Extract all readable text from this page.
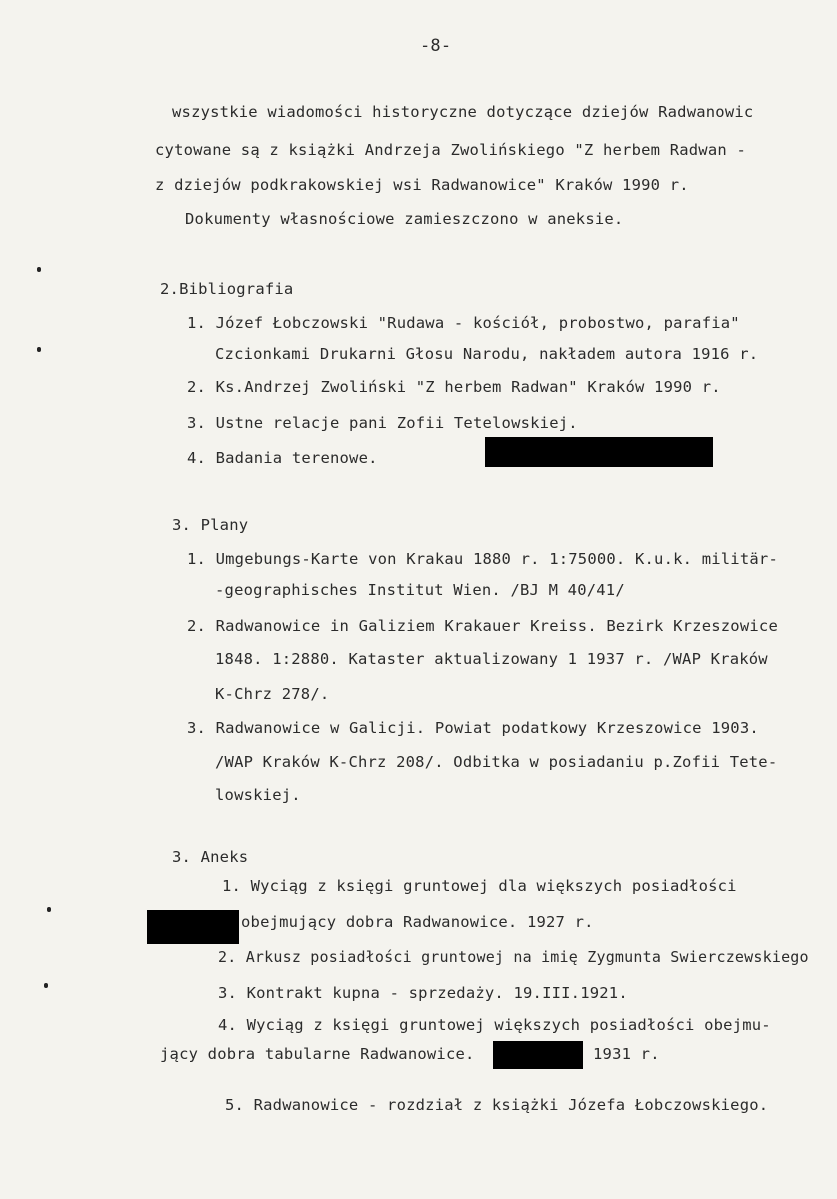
-8-
wszystkie wiadomości historyczne dotyczące dziejów Radwanowic
cytowane są z książki Andrzeja Zwolińskiego "Z herbem Radwan -
z dziejów podkrakowskiej wsi Radwanowice" Kraków 1990 r.
Dokumenty własnościowe zamieszczono w aneksie.
2.Bibliografia
1. Józef Łobczowski "Rudawa - kościół, probostwo, parafia"
Czcionkami Drukarni Głosu Narodu, nakładem autora 1916 r.
2. Ks.Andrzej Zwoliński "Z herbem Radwan" Kraków 1990 r.
3. Ustne relacje pani Zofii Tetelowskiej.
4. Badania terenowe.
3. Plany
1. Umgebungs-Karte von Krakau 1880 r. 1:75000. K.u.k. militär-
-geographisches Institut Wien. /BJ M 40/41/
2. Radwanowice in Galiziem Krakauer Kreiss. Bezirk Krzeszowice
1848. 1:2880. Kataster aktualizowany 1 1937 r. /WAP Kraków
K-Chrz 278/.
3. Radwanowice w Galicji. Powiat podatkowy Krzeszowice 1903.
/WAP Kraków K-Chrz 208/. Odbitka w posiadaniu p.Zofii Tete-
lowskiej.
3. Aneks
1. Wyciąg z księgi gruntowej dla większych posiadłości
obejmujący dobra Radwanowice. 1927 r.
2. Arkusz posiadłości gruntowej na imię Zygmunta Swierczewskiego
3. Kontrakt kupna - sprzedaży. 19.III.1921.
4. Wyciąg z księgi gruntowej większych posiadłości obejmu-
jący dobra tabularne Radwanowice.	1931 r.
5. Radwanowice - rozdział z książki Józefa Łobczowskiego.
